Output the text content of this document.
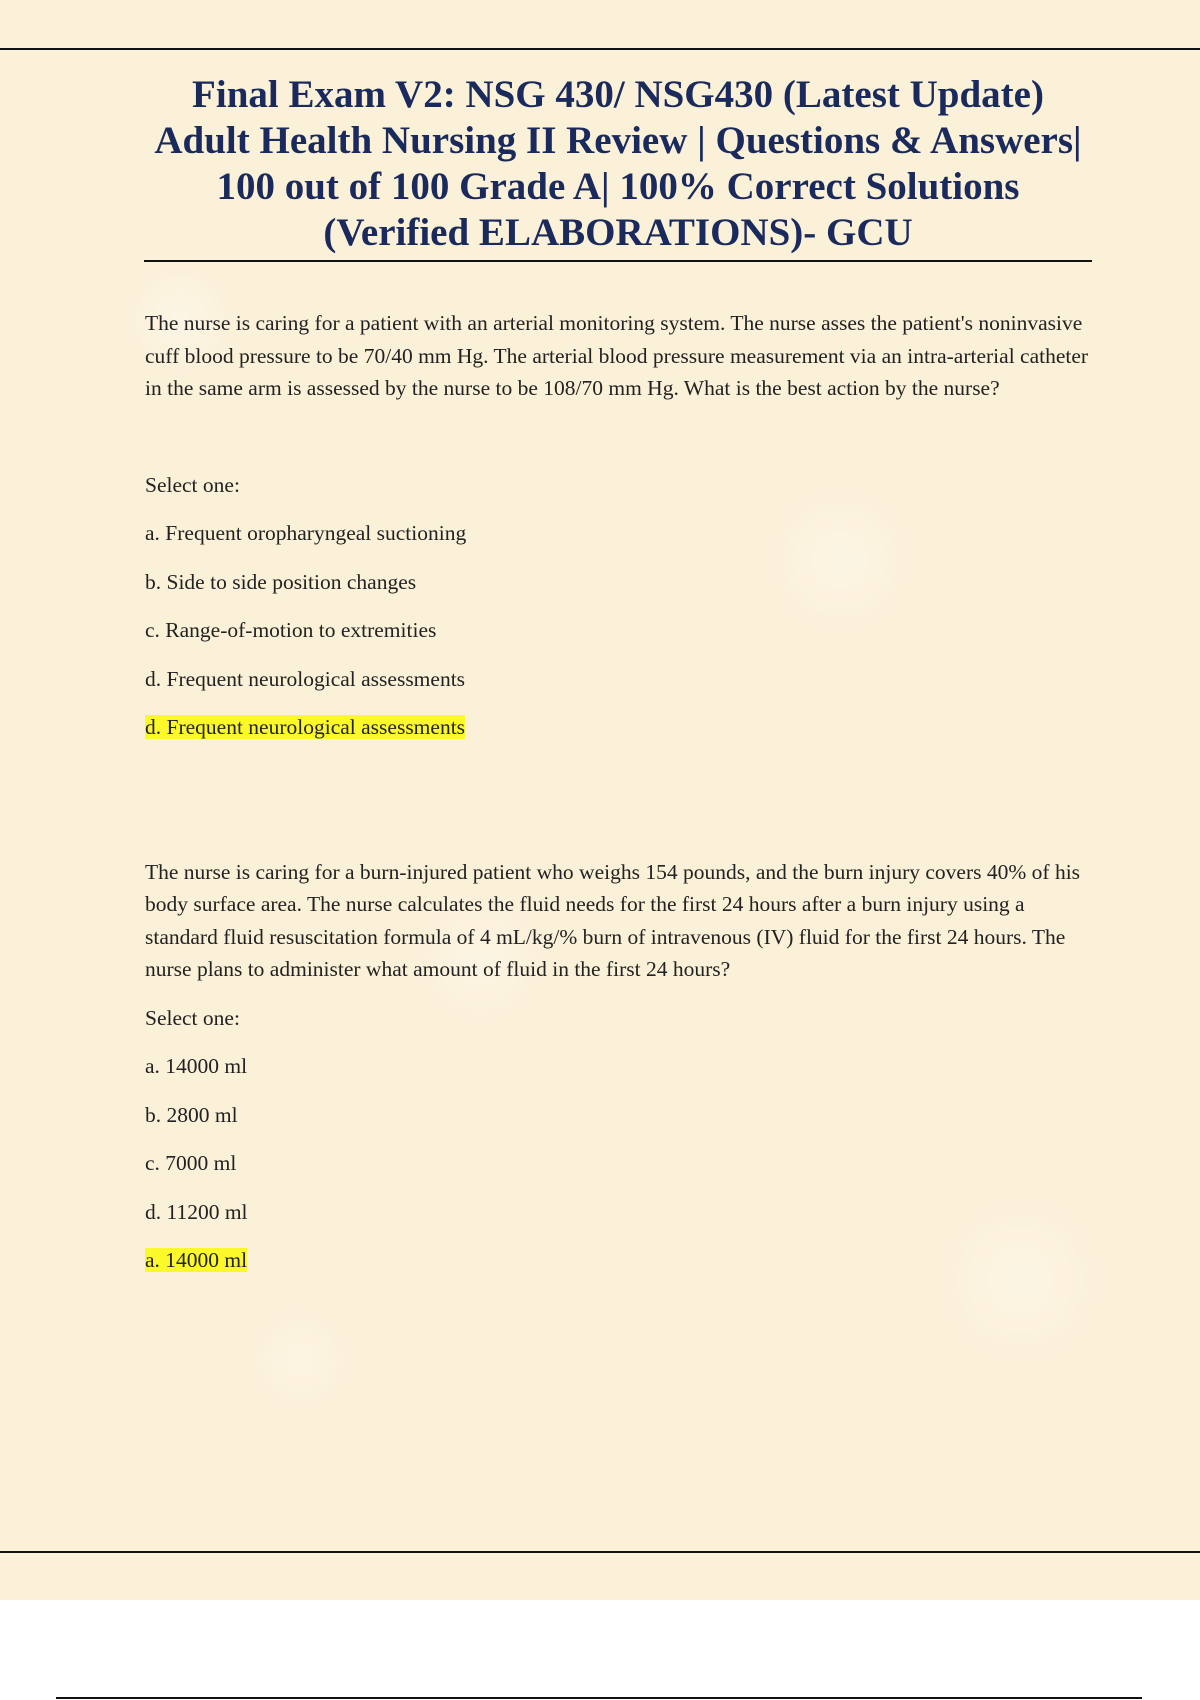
Final Exam V2: NSG 430/ NSG430 (Latest Update) Adult Health Nursing II Review | Questions & Answers| 100 out of 100 Grade A| 100% Correct Solutions (Verified ELABORATIONS)- GCU

The nurse is caring for a patient with an arterial monitoring system. The nurse asses the patient's noninvasive cuff blood pressure to be 70/40 mm Hg. The arterial blood pressure measurement via an intra-arterial catheter in the same arm is assessed by the nurse to be 108/70 mm Hg. What is the best action by the nurse?

Select one:

a. Frequent oropharyngeal suctioning

b. Side to side position changes

c. Range-of-motion to extremities

d. Frequent neurological assessments

d. Frequent neurological assessments

The nurse is caring for a burn-injured patient who weighs 154 pounds, and the burn injury covers 40% of his body surface area. The nurse calculates the fluid needs for the first 24 hours after a burn injury using a standard fluid resuscitation formula of 4 mL/kg/% burn of intravenous (IV) fluid for the first 24 hours. The nurse plans to administer what amount of fluid in the first 24 hours?

Select one:

a. 14000 ml

b. 2800 ml

c. 7000 ml

d. 11200 ml

a. 14000 ml
